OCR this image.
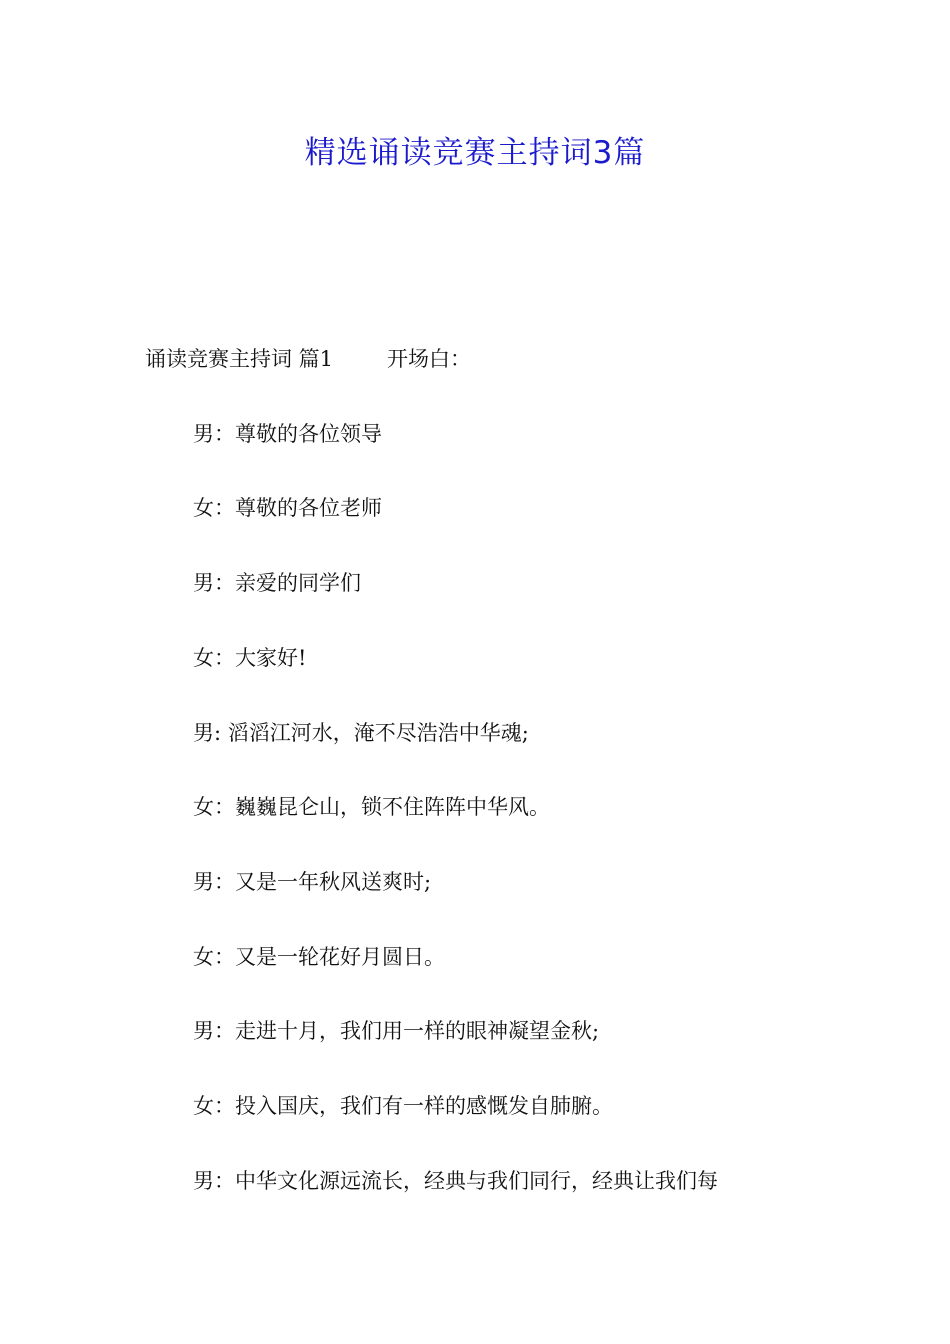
精选诵读竞赛主持词3篇
诵读竞赛主持词 篇1	开场白：
男：尊敬的各位领导
女：尊敬的各位老师
男：亲爱的同学们
女：大家好!
男: 滔滔江河水，淹不尽浩浩中华魂;
女：巍巍昆仑山，锁不住阵阵中华风。
男：又是一年秋风送爽时;
女：又是一轮花好月圆日。
男：走进十月，我们用一样的眼神凝望金秋;
女：投入国庆，我们有一样的感慨发自肺腑。
男：中华文化源远流长，经典与我们同行，经典让我们每
